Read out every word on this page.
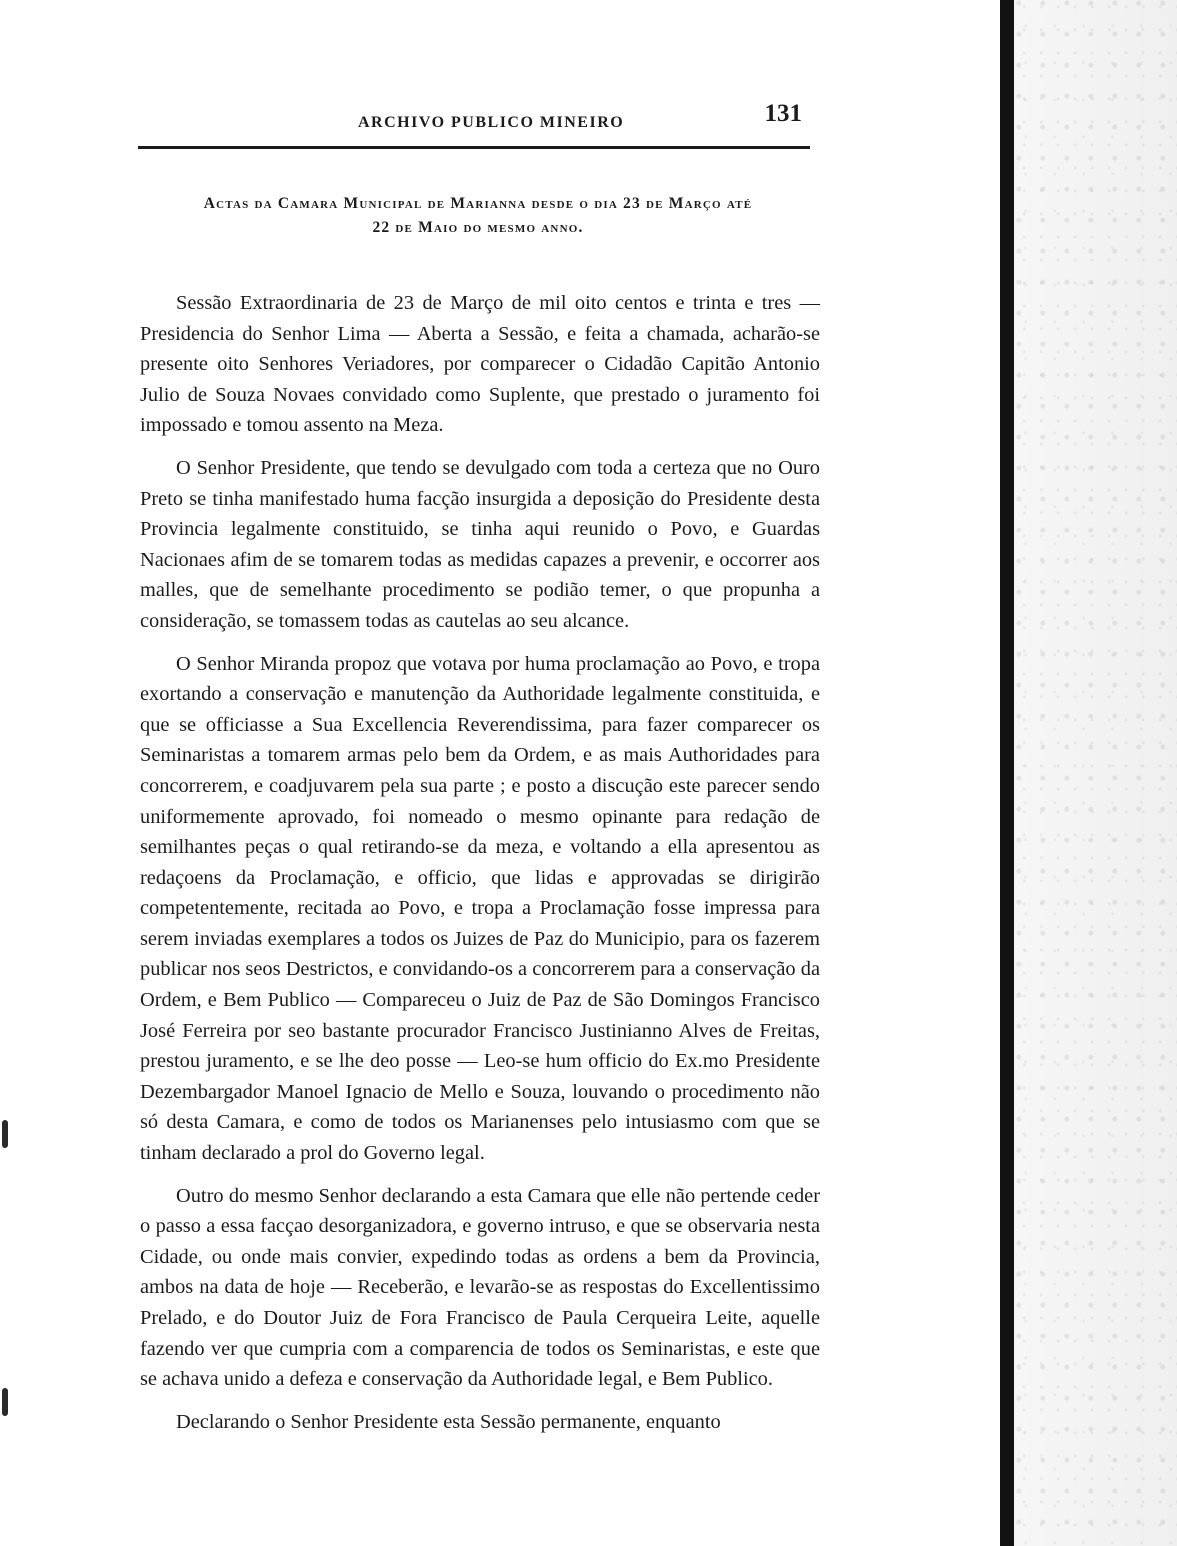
ARCHIVO PUBLICO MINEIRO	131
Actas da Camara Municipal de Marianna desde o dia 23 de Março até
22 de Maio do mesmo anno.

Sessão Extraordinaria de 23 de Março de mil oito centos e trinta e tres — Presidencia do Senhor Lima — Aberta a Sessão, e feita a chamada, acharão-se presente oito Senhores Veriadores, por comparecer o Cidadão Capitão Antonio Julio de Souza Novaes convidado como Suplente, que prestado o juramento foi impossado e tomou assento na Meza.

O Senhor Presidente, que tendo se devulgado com toda a certeza que no Ouro Preto se tinha manifestado huma facção insurgida a deposição do Presidente desta Provincia legalmente constituido, se tinha aqui reunido o Povo, e Guardas Nacionaes afim de se tomarem todas as medidas capazes a prevenir, e occorrer aos malles, que de semelhante procedimento se podião temer, o que propunha a consideração, se tomassem todas as cautelas ao seu alcance.

O Senhor Miranda propoz que votava por huma proclamação ao Povo, e tropa exortando a conservação e manutenção da Authoridade legalmente constituida, e que se officiasse a Sua Excellencia Reverendissima, para fazer comparecer os Seminaristas a tomarem armas pelo bem da Ordem, e as mais Authoridades para concorrerem, e coadjuvarem pela sua parte ; e posto a discução este parecer sendo uniformemente aprovado, foi nomeado o mesmo opinante para redação de semilhantes peças o qual retirando-se da meza, e voltando a ella apresentou as redaçoens da Proclamação, e officio, que lidas e approvadas se dirigirão competentemente, recitada ao Povo, e tropa a Proclamação fosse impressa para serem inviadas exemplares a todos os Juizes de Paz do Municipio, para os fazerem publicar nos seos Destrictos, e convidando-os a concorrerem para a conservação da Ordem, e Bem Publico — Compareceu o Juiz de Paz de São Domingos Francisco José Ferreira por seo bastante procurador Francisco Justinianno Alves de Freitas, prestou juramento, e se lhe deo posse — Leo-se hum officio do Ex.mo Presidente Dezembargador Manoel Ignacio de Mello e Souza, louvando o procedimento não só desta Camara, e como de todos os Marianenses pelo intusiasmo com que se tinham declarado a prol do Governo legal.

Outro do mesmo Senhor declarando a esta Camara que elle não pertende ceder o passo a essa facçao desorganizadora, e governo intruso, e que se observaria nesta Cidade, ou onde mais convier, expedindo todas as ordens a bem da Provincia, ambos na data de hoje — Receberão, e levarão-se as respostas do Excellentissimo Prelado, e do Doutor Juiz de Fora Francisco de Paula Cerqueira Leite, aquelle fazendo ver que cumpria com a comparencia de todos os Seminaristas, e este que se achava unido a defeza e conservação da Authoridade legal, e Bem Publico.

Declarando o Senhor Presidente esta Sessão permanente, enquanto
